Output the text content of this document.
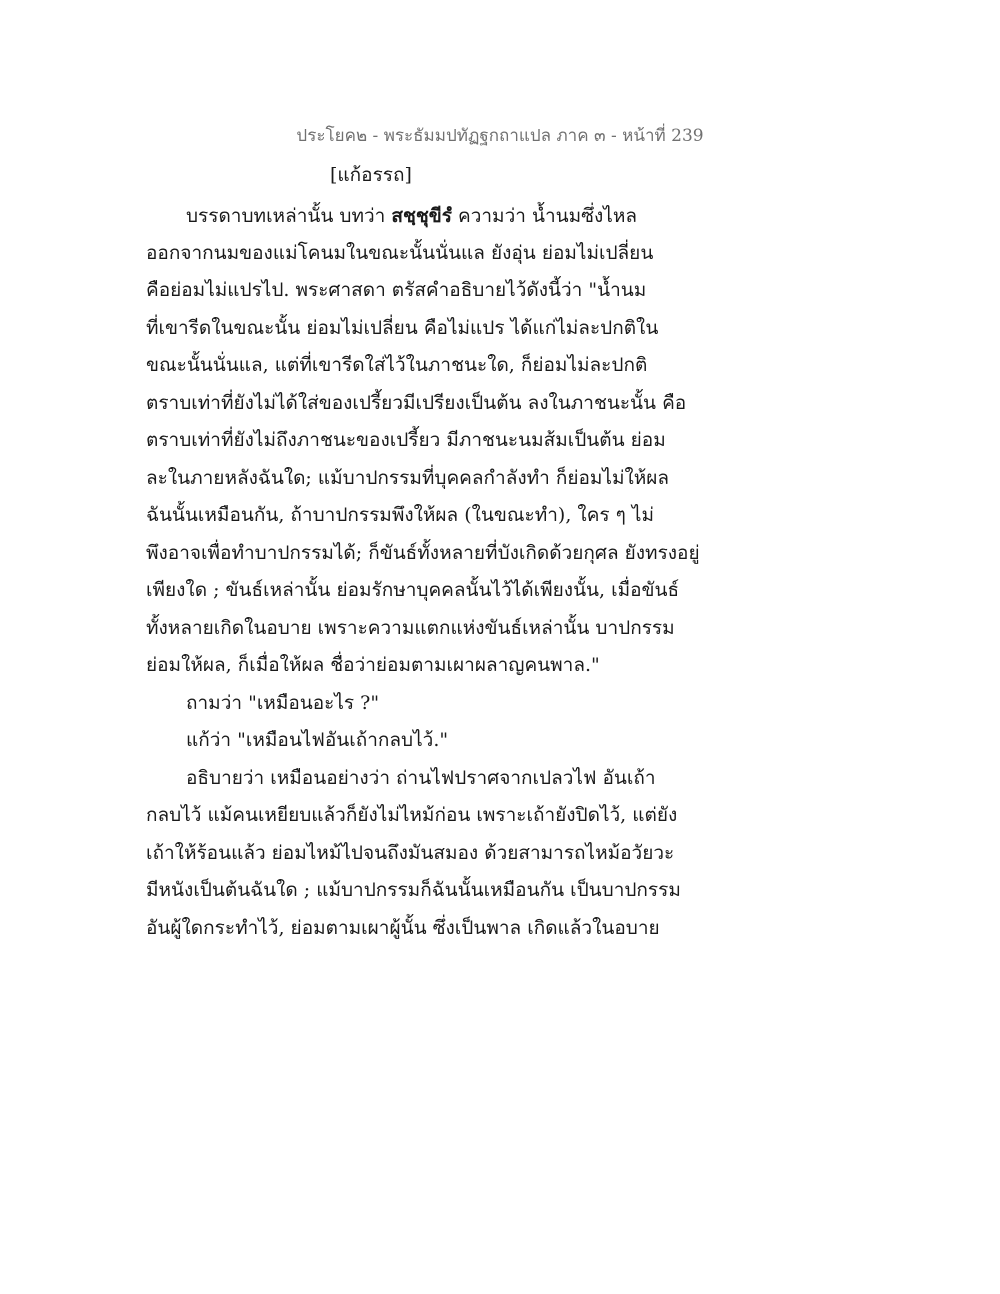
ประโยค๒ - พระธัมมปทัฏฐกถาแปล ภาค ๓ - หน้าที่ 239
[แก้อรรถ]
บรรดาบทเหล่านั้น บทว่า สชฺชุขีรํ ความว่า น้ำนมซึ่งไหล
ออกจากนมของแม่โคนมในขณะนั้นนั่นแล ยังอุ่น ย่อมไม่เปลี่ยน
คือย่อมไม่แปรไป. พระศาสดา ตรัสคำอธิบายไว้ดังนี้ว่า "น้ำนม
ที่เขารีดในขณะนั้น ย่อมไม่เปลี่ยน คือไม่แปร ได้แก่ไม่ละปกติใน
ขณะนั้นนั่นแล, แต่ที่เขารีดใส่ไว้ในภาชนะใด, ก็ย่อมไม่ละปกติ
ตราบเท่าที่ยังไม่ได้ใส่ของเปรี้ยวมีเปรียงเป็นต้น ลงในภาชนะนั้น คือ
ตราบเท่าที่ยังไม่ถึงภาชนะของเปรี้ยว มีภาชนะนมส้มเป็นต้น ย่อม
ละในภายหลังฉันใด; แม้บาปกรรมที่บุคคลกำลังทำ ก็ย่อมไม่ให้ผล
ฉันนั้นเหมือนกัน, ถ้าบาปกรรมพึงให้ผล (ในขณะทำ), ใคร ๆ ไม่
พึงอาจเพื่อทำบาปกรรมได้; ก็ขันธ์ทั้งหลายที่บังเกิดด้วยกุศล ยังทรงอยู่
เพียงใด ; ขันธ์เหล่านั้น ย่อมรักษาบุคคลนั้นไว้ได้เพียงนั้น, เมื่อขันธ์
ทั้งหลายเกิดในอบาย เพราะความแตกแห่งขันธ์เหล่านั้น บาปกรรม
ย่อมให้ผล, ก็เมื่อให้ผล ชื่อว่าย่อมตามเผาผลาญคนพาล."
ถามว่า "เหมือนอะไร ?"
แก้ว่า "เหมือนไฟอันเถ้ากลบไว้."
อธิบายว่า เหมือนอย่างว่า ถ่านไฟปราศจากเปลวไฟ อันเถ้า
กลบไว้ แม้คนเหยียบแล้วก็ยังไม่ไหม้ก่อน เพราะเถ้ายังปิดไว้, แต่ยัง
เถ้าให้ร้อนแล้ว ย่อมไหม้ไปจนถึงมันสมอง ด้วยสามารถไหม้อวัยวะ
มีหนังเป็นต้นฉันใด ; แม้บาปกรรมก็ฉันนั้นเหมือนกัน เป็นบาปกรรม
อันผู้ใดกระทำไว้, ย่อมตามเผาผู้นั้น ซึ่งเป็นพาล เกิดแล้วในอบาย
